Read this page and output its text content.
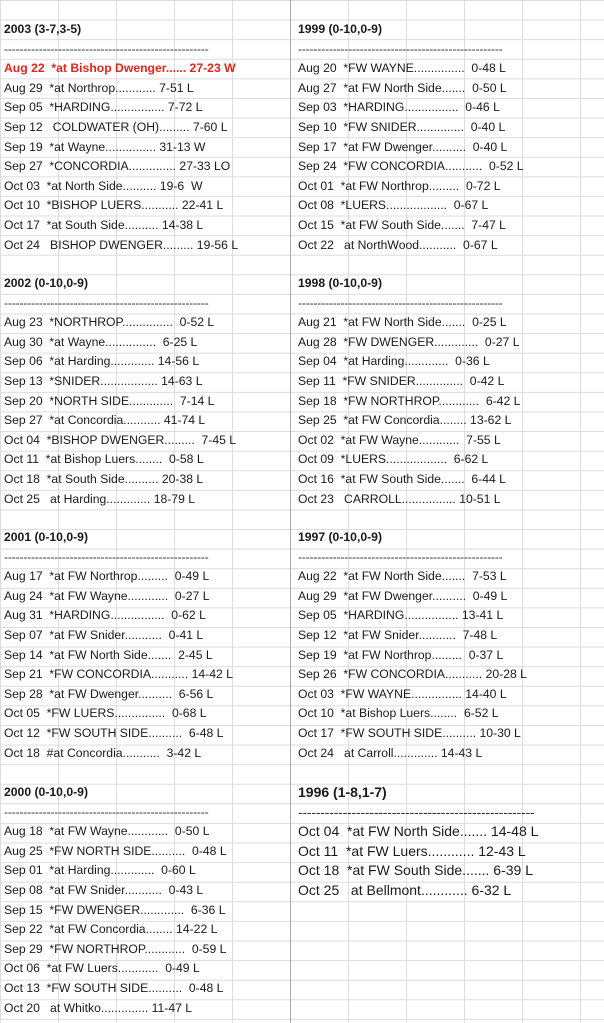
2003 (3-7,3-5)
-----------------------------------------------------
Aug 22  *at Bishop Dwenger...... 27-23 W
Aug 29  *at Northrop............ 7-51 L
Sep 05  *HARDING................ 7-72 L
Sep 12   COLDWATER (OH)......... 7-60 L
Sep 19  *at Wayne............... 31-13 W
Sep 27  *CONCORDIA.............. 27-33 LO
Oct 03  *at North Side.......... 19-6  W
Oct 10  *BISHOP LUERS........... 22-41 L
Oct 17  *at South Side.......... 14-38 L
Oct 24   BISHOP DWENGER......... 19-56 L
2002 (0-10,0-9)
-----------------------------------------------------
Aug 23  *NORTHROP...............  0-52 L
Aug 30  *at Wayne...............  6-25 L
Sep 06  *at Harding............. 14-56 L
Sep 13  *SNIDER................. 14-63 L
Sep 20  *NORTH SIDE.............  7-14 L
Sep 27  *at Concordia........... 41-74 L
Oct 04  *BISHOP DWENGER.........  7-45 L
Oct 11  *at Bishop Luers........  0-58 L
Oct 18  *at South Side.......... 20-38 L
Oct 25   at Harding............. 18-79 L
2001 (0-10,0-9)
-----------------------------------------------------
Aug 17  *at FW Northrop.........  0-49 L
Aug 24  *at FW Wayne............  0-27 L
Aug 31  *HARDING................  0-62 L
Sep 07  *at FW Snider...........  0-41 L
Sep 14  *at FW North Side.......  2-45 L
Sep 21  *FW CONCORDIA........... 14-42 L
Sep 28  *at FW Dwenger..........  6-56 L
Oct 05  *FW LUERS...............  0-68 L
Oct 12  *FW SOUTH SIDE..........  6-48 L
Oct 18  #at Concordia...........  3-42 L
2000 (0-10,0-9)
-----------------------------------------------------
Aug 18  *at FW Wayne............  0-50 L
Aug 25  *FW NORTH SIDE..........  0-48 L
Sep 01  *at Harding.............  0-60 L
Sep 08  *at FW Snider...........  0-43 L
Sep 15  *FW DWENGER.............  6-36 L
Sep 22  *at FW Concordia........ 14-22 L
Sep 29  *FW NORTHROP............  0-59 L
Oct 06  *at FW Luers............  0-49 L
Oct 13  *FW SOUTH SIDE..........  0-48 L
Oct 20   at Whitko.............. 11-47 L
1999 (0-10,0-9)
-----------------------------------------------------
Aug 20  *FW WAYNE...............  0-48 L
Aug 27  *at FW North Side.......  0-50 L
Sep 03  *HARDING................  0-46 L
Sep 10  *FW SNIDER..............  0-40 L
Sep 17  *at FW Dwenger..........  0-40 L
Sep 24  *FW CONCORDIA...........  0-52 L
Oct 01  *at FW Northrop.........  0-72 L
Oct 08  *LUERS..................  0-67 L
Oct 15  *at FW South Side.......  7-47 L
Oct 22   at NorthWood...........  0-67 L
1998 (0-10,0-9)
-----------------------------------------------------
Aug 21  *at FW North Side.......  0-25 L
Aug 28  *FW DWENGER.............  0-27 L
Sep 04  *at Harding.............  0-36 L
Sep 11  *FW SNIDER..............  0-42 L
Sep 18  *FW NORTHROP............  6-42 L
Sep 25  *at FW Concordia........ 13-62 L
Oct 02  *at FW Wayne............  7-55 L
Oct 09  *LUERS..................  6-62 L
Oct 16  *at FW South Side.......  6-44 L
Oct 23   CARROLL................ 10-51 L
1997 (0-10,0-9)
-----------------------------------------------------
Aug 22  *at FW North Side.......  7-53 L
Aug 29  *at FW Dwenger..........  0-49 L
Sep 05  *HARDING................ 13-41 L
Sep 12  *at FW Snider...........  7-48 L
Sep 19  *at FW Northrop.........  0-37 L
Sep 26  *FW CONCORDIA........... 20-28 L
Oct 03  *FW WAYNE............... 14-40 L
Oct 10  *at Bishop Luers........  6-52 L
Oct 17  *FW SOUTH SIDE.......... 10-30 L
Oct 24   at Carroll............. 14-43 L
1996 (1-8,1-7)
-----------------------------------------------------
Oct 04  *at FW North Side....... 14-48 L
Oct 11  *at FW Luers............ 12-43 L
Oct 18  *at FW South Side....... 6-39 L
Oct 25   at Bellmont............ 6-32 L
